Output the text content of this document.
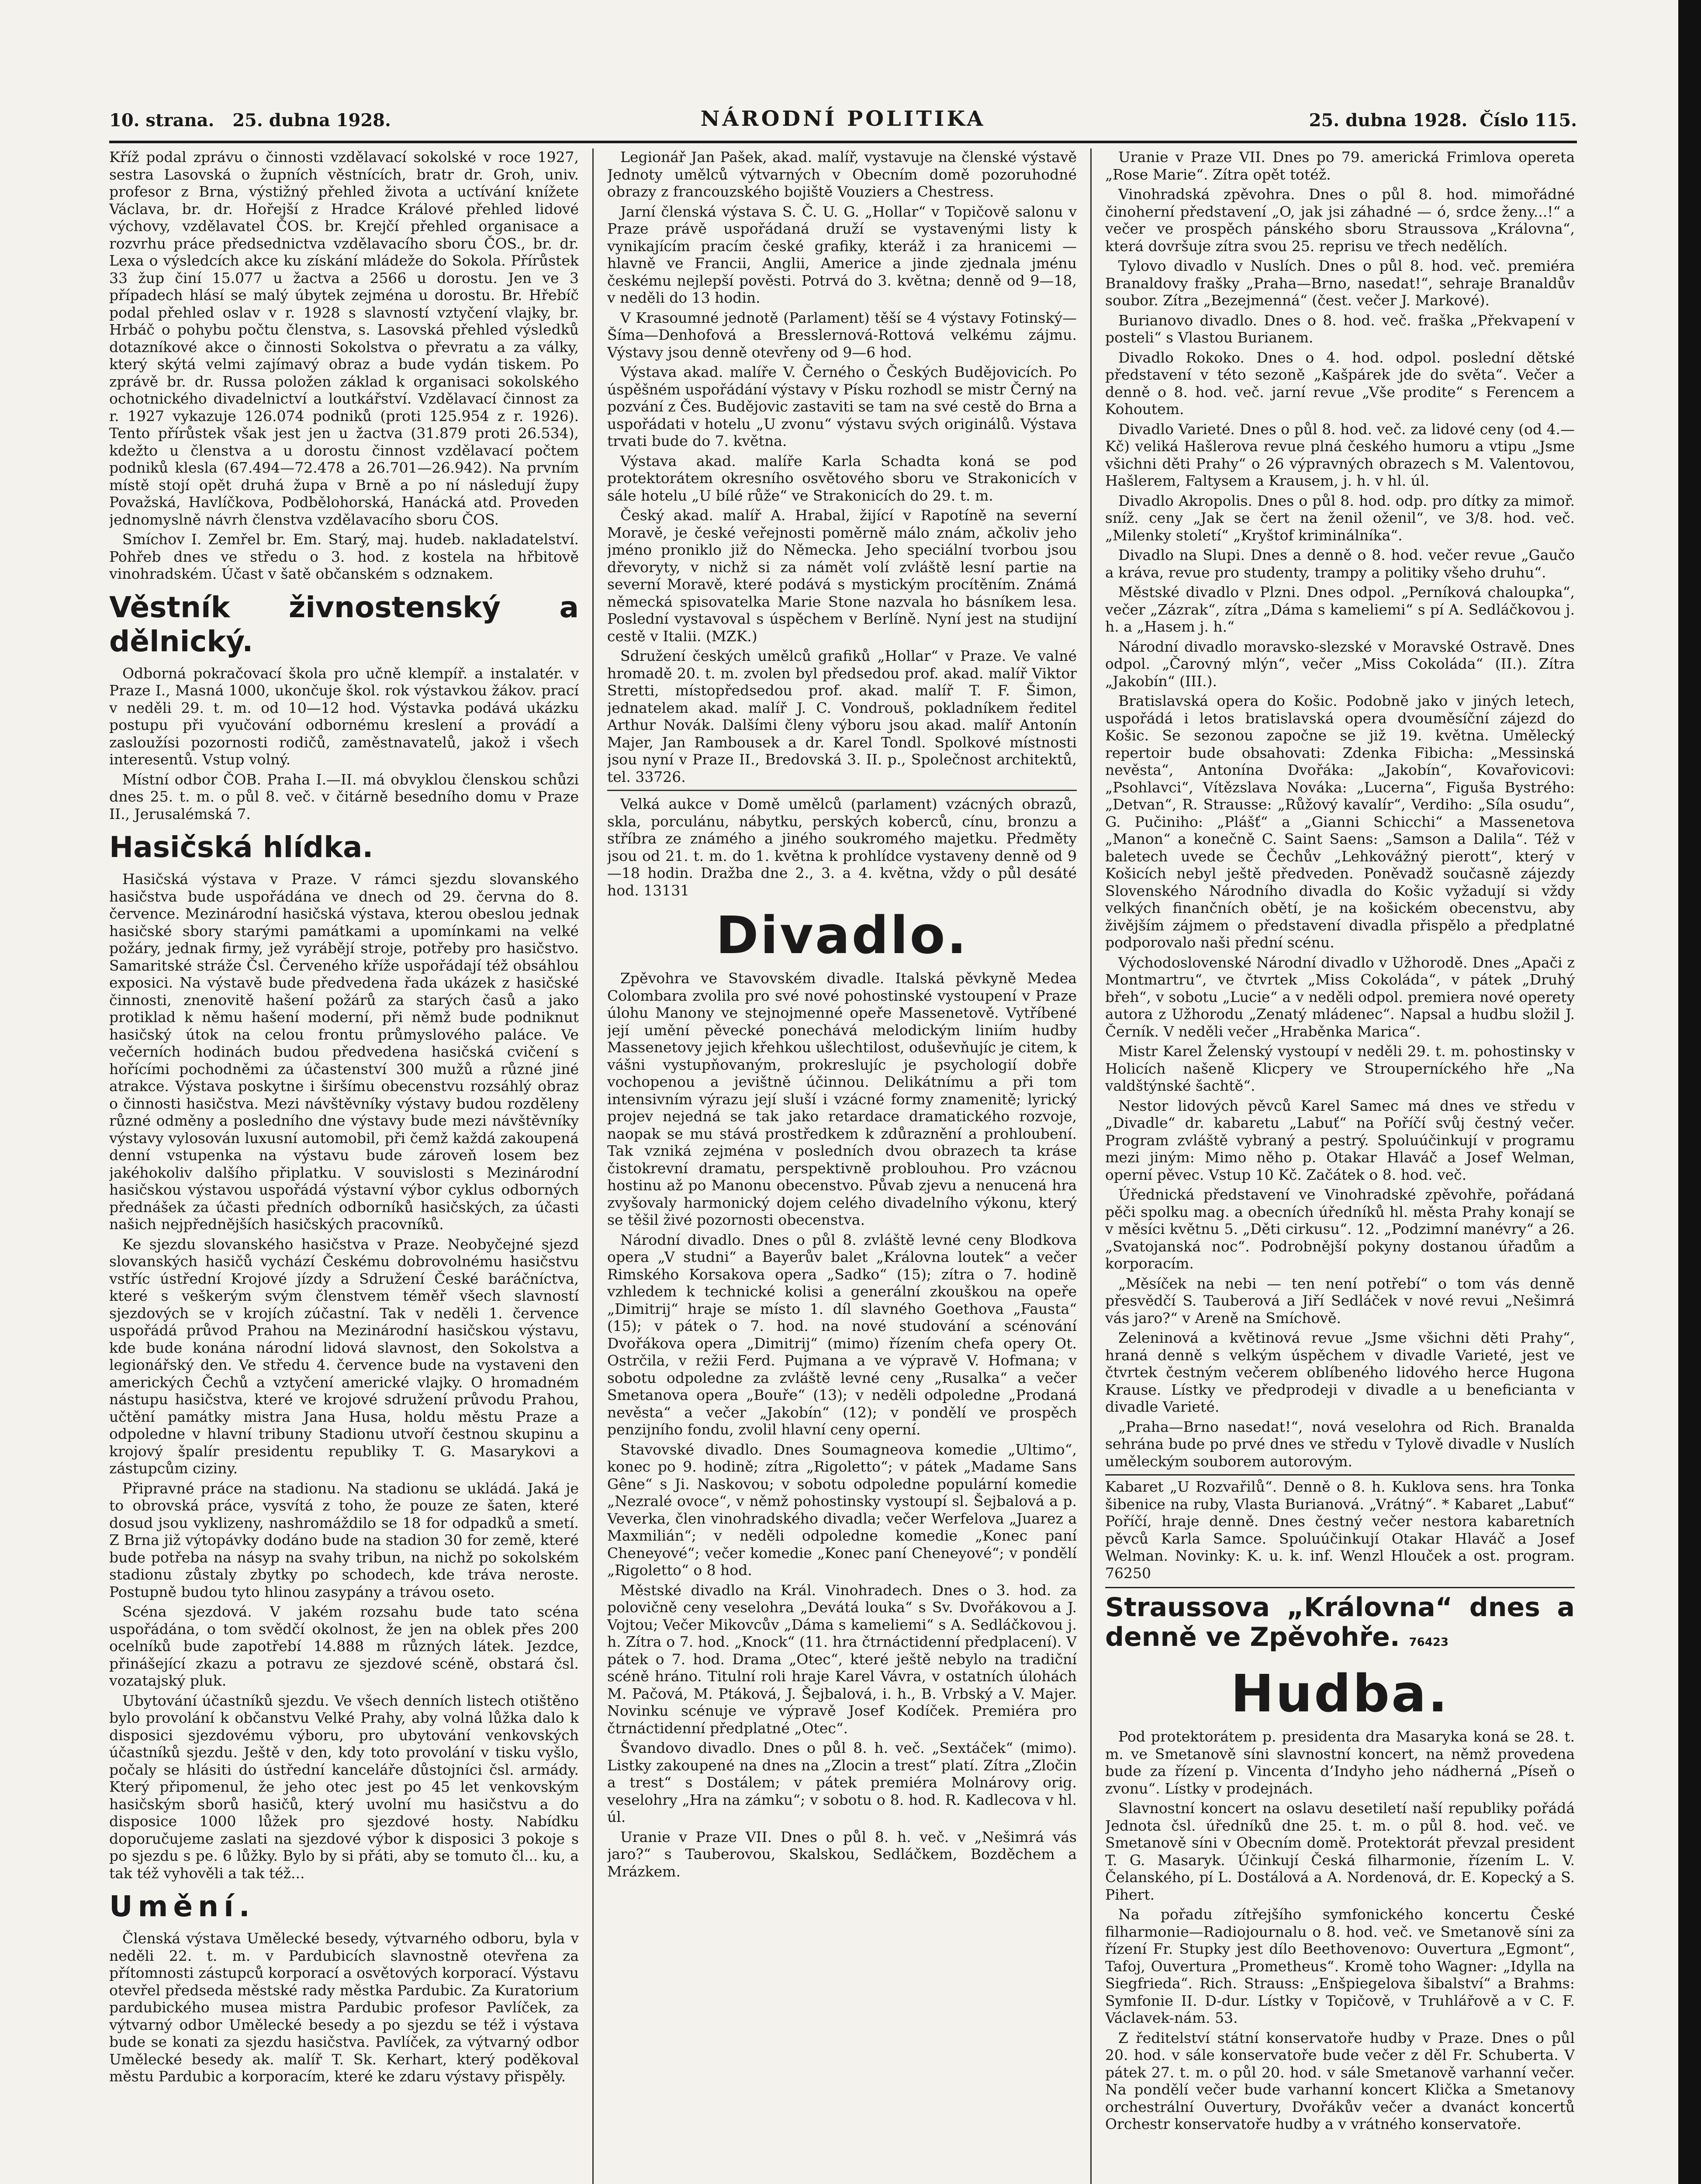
10. strana. 25. dubna 1928.	NÁRODNÍ POLITIKA	25. dubna 1928. Číslo 115.

Kříž podal zprávu o činnosti vzdělavací sokolské v roce 1927, sestra Lasovská o župních věstnících, bratr dr. Groh, univ. profesor z Brna, výstižný přehled života a uctívání knížete Václava, br. dr. Hořejší z Hradce Králové přehled lidové výchovy, vzdělavatel ČOS. br. Krejčí přehled organisace a rozvrhu práce předsednictva vzdělavacího sboru ČOS., br. dr. Lexa o výsledcích akce ku získání mládeže do Sokola. Přírůstek 33 žup činí 15.077 u žactva a 2566 u dorostu. Jen ve 3 případech hlásí se malý úbytek zejména u dorostu. Br. Hřebíč podal přehled oslav v r. 1928 s slavností vztyčení vlajky, br. Hrbáč o pohybu počtu členstva, s. Lasovská přehled výsledků dotazníkové akce o činnosti Sokolstva o převratu a za války, který skýtá velmi zajímavý obraz a bude vydán tiskem. Po zprávě br. dr. Russa položen základ k organisaci sokolského ochotnického divadelnictví a loutkářství. Vzdělavací činnost za r. 1927 vykazuje 126.074 podniků (proti 125.954 z r. 1926). Tento přírůstek však jest jen u žactva (31.879 proti 26.534), kdežto u členstva a u dorostu činnost vzdělavací počtem podniků klesla (67.494—72.478 a 26.701—26.942). Na prvním místě stojí opět druhá župa v Brně a po ní následují župy Považská, Havlíčkova, Podbělohorská, Hanácká atd. Proveden jednomyslně návrh členstva vzdělavacího sboru ČOS.

Smíchov I. Zemřel br. Em. Starý, maj. hudeb. nakladatelství. Pohřeb dnes ve středu o 3. hod. z kostela na hřbitově vinohradském. Účast v šatě občanském s odznakem.

Věstník živnostenský a dělnický.

Odborná pokračovací škola pro učně klempíř. a instalatér. v Praze I., Masná 1000, ukončuje škol. rok výstavkou žákov. prací v neděli 29. t. m. od 10—12 hod. Výstavka podává ukázku postupu při vyučování odbornému kreslení a provádí a zasloužísi pozornosti rodičů, zaměstnavatelů, jakož i všech interesentů. Vstup volný.

Místní odbor ČOB. Praha I.—II. má obvyklou členskou schůzi dnes 25. t. m. o půl 8. več. v čitárně besedního domu v Praze II., Jerusalémská 7.

Hasičská hlídka.

Hasičská výstava v Praze. V rámci sjezdu slovanského hasičstva bude uspořádána ve dnech od 29. června do 8. července. Mezinárodní hasičská výstava, kterou obeslou jednak hasičské sbory starými památkami a upomínkami na velké požáry, jednak firmy, jež vyrábějí stroje, potřeby pro hasičstvo. Samaritské stráže Čsl. Červeného kříže uspořádají též obsáhlou exposici. Na výstavě bude předvedena řada ukázek z hasičské činnosti, znenovitě hašení požárů za starých časů a jako protiklad k němu hašení moderní, při němž bude podniknut hasičský útok na celou frontu průmyslového paláce. Ve večerních hodinách budou předvedena hasičská cvičení s hořícími pochodněmi za účastenství 300 mužů a různé jiné atrakce. Výstava poskytne i širšímu obecenstvu rozsáhlý obraz o činnosti hasičstva. Mezi návštěvníky výstavy budou rozděleny různé odměny a posledního dne výstavy bude mezi návštěvníky výstavy vylosován luxusní automobil, při čemž každá zakoupená denní vstupenka na výstavu bude zároveň losem bez jakéhokoliv dalšího připlatku. V souvislosti s Mezinárodní hasičskou výstavou uspořádá výstavní výbor cyklus odborných přednášek za účasti předních odborníků hasičských, za účasti našich nejpřednějších hasičských pracovníků.

Ke sjezdu slovanského hasičstva v Praze. Neobyčejné sjezd slovanských hasičů vychází Českému dobrovolnému hasičstvu vstříc ústřední Krojové jízdy a Sdružení České baráčníctva, které s veškerým svým členstvem téměř všech slavností sjezdových se v krojích zúčastní. Tak v neděli 1. července uspořádá průvod Prahou na Mezinárodní hasičskou výstavu, kde bude konána národní lidová slavnost, den Sokolstva a legionářský den. Ve středu 4. července bude na vystaveni den amerických Čechů a vztyčení americké vlajky. O hromadném nástupu hasičstva, které ve krojové sdružení průvodu Prahou, učtění památky mistra Jana Husa, holdu městu Praze a odpoledne v hlavní tribuny Stadionu utvoří čestnou skupinu a krojový špalír presidentu republiky T. G. Masarykovi a zástupcům ciziny.

Připravné práce na stadionu. Na stadionu se ukládá. Jaká je to obrovská práce, vysvítá z toho, že pouze ze šaten, které dosud jsou vyklizeny, nashromáždilo se 18 for odpadků a smetí. Z Brna již výtopávky dodáno bude na stadion 30 for země, které bude potřeba na násyp na svahy tribun, na nichž po sokolském stadionu zůstaly zbytky po schodech, kde tráva neroste. Postupně budou tyto hlinou zasypány a trávou oseto.

Scéna sjezdová. V jakém rozsahu bude tato scéna uspořádána, o tom svědčí okolnost, že jen na oblek přes 200 ocelníků bude zapotřebí 14.888 m různých látek. Jezdce, přinášející zkazu a potravu ze sjezdové scéně, obstará čsl. vozatajský pluk.

Ubytování účastníků sjezdu. Ve všech denních listech otištěno bylo provolání k občanstvu Velké Prahy, aby volná lůžka dalo k disposici sjezdovému výboru, pro ubytování venkovských účastníků sjezdu. Ještě v den, kdy toto provolání v tisku vyšlo, počaly se hlásiti do ústřední kanceláře důstojníci čsl. armády. Který připomenul, že jeho otec jest po 45 let venkovským hasičským sborů hasičů, který uvolní mu hasičstvu a do disposice 1000 lůžek pro sjezdové hosty. Nabídku doporučujeme zaslati na sjezdové výbor k disposici 3 pokoje s po sjezdu s pe. 6 lůžky. Bylo by si přáti, aby se tomuto čl... ku, a tak též vyhověli a tak též...

Umění.

Členská výstava Umělecké besedy, výtvarného odboru, byla v neděli 22. t. m. v Pardubicích slavnostně otevřena za přítomnosti zástupců korporací a osvětových korporací. Výstavu otevřel předseda městské rady městka Pardubic. Za Kuratorium pardubického musea mistra Pardubic profesor Pavlíček, za výtvarný odbor Umělecké besedy a po sjezdu se též i výstava bude se konati za sjezdu hasičstva. Pavlíček, za výtvarný odbor Umělecké besedy ak. malíř T. Sk. Kerhart, který poděkoval městu Pardubic a korporacím, které ke zdaru výstavy přispěly.

Legionář Jan Pašek, akad. malíř, vystavuje na členské výstavě Jednoty umělců výtvarných v Obecním domě pozoruhodné obrazy z francouzského bojiště Vouziers a Chestress.

Jarní členská výstava S. Č. U. G. „Hollar“ v Topičově salonu v Praze právě uspořádaná druží se vystavenými listy k vynikajícím pracím české grafiky, kteráž i za hranicemi — hlavně ve Francii, Anglii, Americe a jinde zjednala jménu českému nejlepší pověsti. Potrvá do 3. května; denně od 9—18, v neděli do 13 hodin.

V Krasoumné jednotě (Parlament) těší se 4 výstavy Fotinský—Šíma—Denhofová a Bresslernová-Rottová velkému zájmu. Výstavy jsou denně otevřeny od 9—6 hod.

Výstava akad. malíře V. Černého o Českých Budějovicích. Po úspěšném uspořádání výstavy v Písku rozhodl se mistr Černý na pozvání z Čes. Budějovic zastaviti se tam na své cestě do Brna a uspořádati v hotelu „U zvonu“ výstavu svých originálů. Výstava trvati bude do 7. května.

Výstava akad. malíře Karla Schadta koná se pod protektorátem okresního osvětového sboru ve Strakonicích v sále hotelu „U bílé růže“ ve Strakonicích do 29. t. m.

Český akad. malíř A. Hrabal, žijící v Rapotíně na severní Moravě, je české veřejnosti poměrně málo znám, ačkoliv jeho jméno proniklo již do Německa. Jeho speciální tvorbou jsou dřevoryty, v nichž si za námět volí zvláště lesní partie na severní Moravě, které podává s mystickým procítěním. Známá německá spisovatelka Marie Stone nazvala ho básníkem lesa. Poslední vystavoval s úspěchem v Berlíně. Nyní jest na studijní cestě v Italii. (MZK.)

Sdružení českých umělců grafiků „Hollar“ v Praze. Ve valné hromadě 20. t. m. zvolen byl předsedou prof. akad. malíř Viktor Stretti, místopředsedou prof. akad. malíř T. F. Šimon, jednatelem akad. malíř J. C. Vondrouš, pokladníkem ředitel Arthur Novák. Dalšími členy výboru jsou akad. malíř Antonín Majer, Jan Rambousek a dr. Karel Tondl. Spolkové místnosti jsou nyní v Praze II., Bredovská 3. II. p., Společnost architektů, tel. 33726.

Velká aukce v Domě umělců (parlament) vzácných obrazů, skla, porculánu, nábytku, perských koberců, cínu, bronzu a stříbra ze známého a jiného soukromého majetku. Předměty jsou od 21. t. m. do 1. května k prohlídce vystaveny denně od 9—18 hodin. Dražba dne 2., 3. a 4. května, vždy o půl desáté hod. 13131

Divadlo.

Zpěvohra ve Stavovském divadle. Italská pěvkyně Medea Colombara zvolila pro své nové pohostinské vystoupení v Praze úlohu Manony ve stejnojmenné opeře Massenetově. Vytříbené její umění pěvecké ponechává melodickým liniím hudby Massenetovy jejich křehkou ušlechtilost, oduševňujíc je citem, k vášni vystupňovaným, prokreslujíc je psychologií dobře vochopenou a jevištně účinnou. Delikátnímu a při tom intensivním výrazu její sluší i vzácné formy znamenitě; lyrický projev nejedná se tak jako retardace dramatického rozvoje, naopak se mu stává prostředkem k zdůraznění a prohloubení. Tak vzniká zejména v posledních dvou obrazech ta kráse čistokrevní dramatu, perspektivně problouhou. Pro vzácnou hostinu až po Manonu obecenstvo. Půvab zjevu a nenucená hra zvyšovaly harmonický dojem celého divadelního výkonu, který se těšil živé pozornosti obecenstva.

Národní divadlo. Dnes o půl 8. zvláště levné ceny Blodkova opera „V studni“ a Bayerův balet „Královna loutek“ a večer Rimského Korsakova opera „Sadko“ (15); zítra o 7. hodině vzhledem k technické kolisi a generální zkouškou na opeře „Dimitrij“ hraje se místo 1. díl slavného Goethova „Fausta“ (15); v pátek o 7. hod. na nové studování a scénování Dvořákova opera „Dimitrij“ (mimo) řízením chefa opery Ot. Ostrčila, v režii Ferd. Pujmana a ve výpravě V. Hofmana; v sobotu odpoledne za zvláště levné ceny „Rusalka“ a večer Smetanova opera „Bouře“ (13); v neděli odpoledne „Prodaná nevěsta“ a večer „Jakobín“ (12); v pondělí ve prospěch penzijního fondu, zvolil hlavní ceny operní.

Stavovské divadlo. Dnes Soumagneova komedie „Ultimo“, konec po 9. hodině; zítra „Rigoletto“; v pátek „Madame Sans Gêne“ s Ji. Naskovou; v sobotu odpoledne populární komedie „Nezralé ovoce“, v němž pohostinsky vystoupí sl. Šejbalová a p. Veverka, člen vinohradského divadla; večer Werfelova „Juarez a Maxmilián“; v neděli odpoledne komedie „Konec paní Cheneyové“; večer komedie „Konec paní Cheneyové“; v pondělí „Rigoletto“ o 8 hod.

Městské divadlo na Král. Vinohradech. Dnes o 3. hod. za polovičně ceny veselohra „Devátá louka“ s Sv. Dvořákovou a J. Vojtou; Večer Mikovcův „Dáma s kameliemi“ s A. Sedláčkovou j. h. Zítra o 7. hod. „Knock“ (11. hra čtrnáctidenní předplacení). V pátek o 7. hod. Drama „Otec“, které ještě nebylo na tradiční scéně hráno. Titulní roli hraje Karel Vávra, v ostatních úlohách M. Pačová, M. Ptáková, J. Šejbalová, i. h., B. Vrbský a V. Majer. Novinku scénuje ve výpravě Josef Kodíček. Premiéra pro čtrnáctidenní předplatné „Otec“.

Švandovo divadlo. Dnes o půl 8. h. več. „Sextáček“ (mimo). Listky zakoupené na dnes na „Zlocin a trest“ platí. Zítra „Zločin a trest“ s Dostálem; v pátek premiéra Molnárovy orig. veselohry „Hra na zámku“; v sobotu o 8. hod. R. Kadlecova v hl. úl.

Uranie v Praze VII. Dnes o půl 8. h. več. v „Nešimrá vás jaro?“ s Tauberovou, Skalskou, Sedláčkem, Bozděchem a Mrázkem.

Uranie v Praze VII. Dnes po 79. americká Frimlova opereta „Rose Marie“. Zítra opět totéž.

Vinohradská zpěvohra. Dnes o půl 8. hod. mimořádné činoherní představení „O, jak jsi záhadné — ó, srdce ženy...!“ a večer ve prospěch pánského sboru Straussova „Královna“, která dovršuje zítra svou 25. reprisu ve třech nedělích.

Tylovo divadlo v Nuslích. Dnes o půl 8. hod. več. premiéra Branaldovy frašky „Praha—Brno, nasedat!“, sehraje Branaldův soubor. Zítra „Bezejmenná“ (čest. večer J. Markové).

Burianovo divadlo. Dnes o 8. hod. več. fraška „Překvapení v posteli“ s Vlastou Burianem.

Divadlo Rokoko. Dnes o 4. hod. odpol. poslední dětské představení v této sezoně „Kašpárek jde do světa“. Večer a denně o 8. hod. več. jarní revue „Vše prodite“ s Ferencem a Kohoutem.

Divadlo Varieté. Dnes o půl 8. hod. več. za lidové ceny (od 4.— Kč) veliká Hašlerova revue plná českého humoru a vtipu „Jsme všichni děti Prahy“ o 26 výpravných obrazech s M. Valentovou, Hašlerem, Faltysem a Krausem, j. h. v hl. úl.

Divadlo Akropolis. Dnes o půl 8. hod. odp. pro dítky za mimoř. sníž. ceny „Jak se čert na ženil oženil“, ve 3/8. hod. več. „Milenky století“ „Kryštof kriminálníka“.

Divadlo na Slupi. Dnes a denně o 8. hod. večer revue „Gaučo a kráva, revue pro studenty, trampy a politiky všeho druhu“.

Městské divadlo v Plzni. Dnes odpol. „Perníková chaloupka“, večer „Zázrak“, zítra „Dáma s kameliemi“ s pí A. Sedláčkovou j. h. a „Hasem j. h.“

Národní divadlo moravsko-slezské v Moravské Ostravě. Dnes odpol. „Čarovný mlýn“, večer „Miss Cokoláda“ (II.). Zítra „Jakobín“ (III.).

Bratislavská opera do Košic. Podobně jako v jiných letech, uspořádá i letos bratislavská opera dvouměsíční zájezd do Košic. Se sezonou započne se již 19. května. Umělecký repertoir bude obsahovati: Zdenka Fibicha: „Messinská nevěsta“, Antonína Dvořáka: „Jakobín“, Kovařovicovi: „Psohlavci“, Vítězslava Nováka: „Lucerna“, Figuša Bystrého: „Detvan“, R. Strausse: „Růžový kavalír“, Verdiho: „Síla osudu“, G. Pučiniho: „Plášť“ a „Gianni Schicchi“ a Massenetova „Manon“ a konečně C. Saint Saens: „Samson a Dalila“. Též v baletech uvede se Čechův „Lehkovážný pierott“, který v Košicích nebyl ještě předveden. Poněvadž současně zájezdy Slovenského Národního divadla do Košic vyžadují si vždy velkých finančních obětí, je na košickém obecenstvu, aby živějším zájmem o představení divadla přispělo a předplatné podporovalo naši přední scénu.

Východoslovenské Národní divadlo v Užhorodě. Dnes „Apači z Montmartru“, ve čtvrtek „Miss Cokoláda“, v pátek „Druhý břeh“, v sobotu „Lucie“ a v neděli odpol. premiera nové operety autora z Užhorodu „Zenatý mládenec“. Napsal a hudbu složil J. Černík. V neděli večer „Hraběnka Marica“.

Mistr Karel Želenský vystoupí v neděli 29. t. m. pohostinsky v Holicích našeně Klicpery ve Strouperníckého hře „Na valdštýnské šachtě“.

Nestor lidových pěvců Karel Samec má dnes ve středu v „Divadle“ dr. kabaretu „Labuť“ na Poříčí svůj čestný večer. Program zvláště vybraný a pestrý. Spoluúčinkují v programu mezi jiným: Mimo něho p. Otakar Hlaváč a Josef Welman, operní pěvec. Vstup 10 Kč. Začátek o 8. hod. več.

Úřednická představení ve Vinohradské zpěvohře, pořádaná pěči spolku mag. a obecních úředníků hl. města Prahy konají se v měsíci květnu 5. „Děti cirkusu“. 12. „Podzimní manévry“ a 26. „Svatojanská noc“. Podrobnější pokyny dostanou úřadům a korporacím.

„Měsíček na nebi — ten není potřebí“ o tom vás denně přesvědčí S. Tauberová a Jiří Sedláček v nové revui „Nešimrá vás jaro?“ v Areně na Smíchově.

Zeleninová a květinová revue „Jsme všichni děti Prahy“, hraná denně s velkým úspěchem v divadle Varieté, jest ve čtvrtek čestným večerem oblíbeného lidového herce Hugona Krause. Lístky ve předprodeji v divadle a u beneficianta v divadle Varieté.

„Praha—Brno nasedat!“, nová veselohra od Rich. Branalda sehrána bude po prvé dnes ve středu v Tylově divadle v Nuslích uměleckým souborem autorovým.

Kabaret „U Rozvařilů“. Denně o 8. h. Kuklova sens. hra Tonka šibenice na ruby, Vlasta Burianová. „Vrátný“. * Kabaret „Labuť“ Poříčí, hraje denně. Dnes čestný večer nestora kabaretních pěvců Karla Samce. Spoluúčinkují Otakar Hlaváč a Josef Welman. Novinky: K. u. k. inf. Wenzl Hlouček a ost. program. 76250

Straussova „Královna“ dnes a denně ve Zpěvohře. 76423
Hudba.

Pod protektorátem p. presidenta dra Masaryka koná se 28. t. m. ve Smetanově síni slavnostní koncert, na němž provedena bude za řízení p. Vincenta d’Indyho jeho nádherná „Píseň o zvonu“. Lístky v prodejnách.

Slavnostní koncert na oslavu desetiletí naší republiky pořádá Jednota čsl. úředníků dne 25. t. m. o půl 8. hod. več. ve Smetanově síni v Obecním domě. Protektorát převzal president T. G. Masaryk. Účinkují Česká filharmonie, řízením L. V. Čelanského, pí L. Dostálová a A. Nordenová, dr. E. Kopecký a S. Pihert.

Na pořadu zítřejšího symfonického koncertu České filharmonie—Radiojournalu o 8. hod. več. ve Smetanově síni za řízení Fr. Stupky jest dílo Beethovenovo: Ouvertura „Egmont“, Tafoj, Ouvertura „Prometheus“. Kromě toho Wagner: „Idylla na Siegfrieda“. Rich. Strauss: „Enšpiegelova šibalství“ a Brahms: Symfonie II. D-dur. Lístky v Topičově, v Truhlářově a v C. F. Václavek-nám. 53.

Z ředitelství státní konservatoře hudby v Praze. Dnes o půl 20. hod. v sále konservatoře bude večer z děl Fr. Schuberta. V pátek 27. t. m. o půl 20. hod. v sále Smetanově varhanní večer. Na pondělí večer bude varhanní koncert Klička a Smetanovy orchestrální Ouvertury, Dvořákův večer a dvanáct koncertů Orchestr konservatoře hudby a v vrátného konservatoře.
